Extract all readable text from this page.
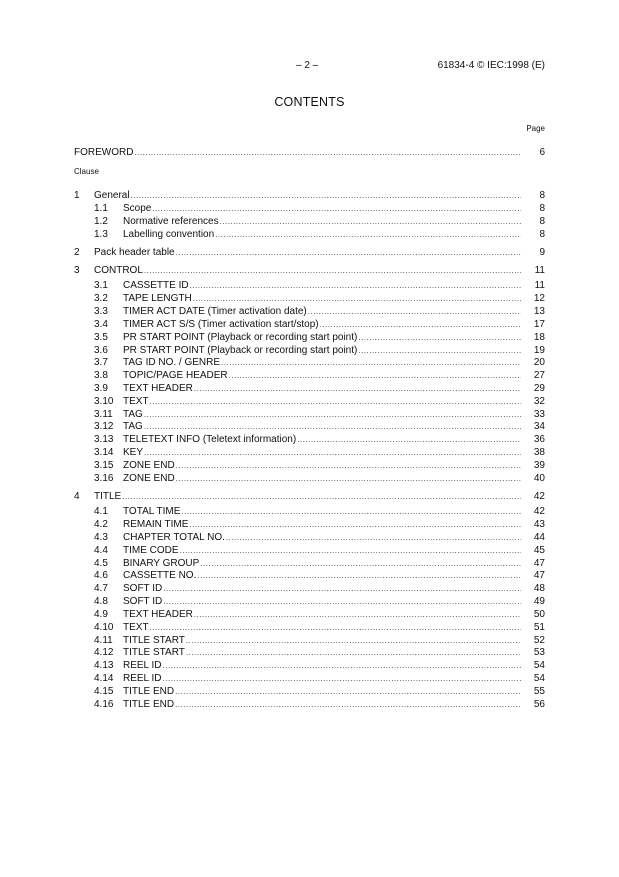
– 2 –	61834-4 © IEC:1998 (E)
CONTENTS
Page
Clause
FOREWORD .....	6
1 General .....	8
1.1 Scope .....	8
1.2 Normative references .....	8
1.3 Labelling convention .....	8
2 Pack header table .....	9
3 CONTROL .....	11
3.1 CASSETTE ID .....	11
3.2 TAPE LENGTH .....	12
3.3 TIMER ACT DATE (Timer activation date) .....	13
3.4 TIMER ACT S/S (Timer activation start/stop) .....	17
3.5 PR START POINT (Playback or recording start point) .....	18
3.6 PR START POINT (Playback or recording start point) .....	19
3.7 TAG ID NO. / GENRE .....	20
3.8 TOPIC/PAGE HEADER .....	27
3.9 TEXT HEADER .....	29
3.10 TEXT .....	32
3.11 TAG .....	33
3.12 TAG .....	34
3.13 TELETEXT INFO (Teletext information) .....	36
3.14 KEY .....	38
3.15 ZONE END .....	39
3.16 ZONE END .....	40
4 TITLE .....	42
4.1 TOTAL TIME .....	42
4.2 REMAIN TIME .....	43
4.3 CHAPTER TOTAL NO. .....	44
4.4 TIME CODE .....	45
4.5 BINARY GROUP .....	47
4.6 CASSETTE NO. .....	47
4.7 SOFT ID .....	48
4.8 SOFT ID .....	49
4.9 TEXT HEADER .....	50
4.10 TEXT .....	51
4.11 TITLE START .....	52
4.12 TITLE START .....	53
4.13 REEL ID .....	54
4.14 REEL ID .....	54
4.15 TITLE END .....	55
4.16 TITLE END .....	56
